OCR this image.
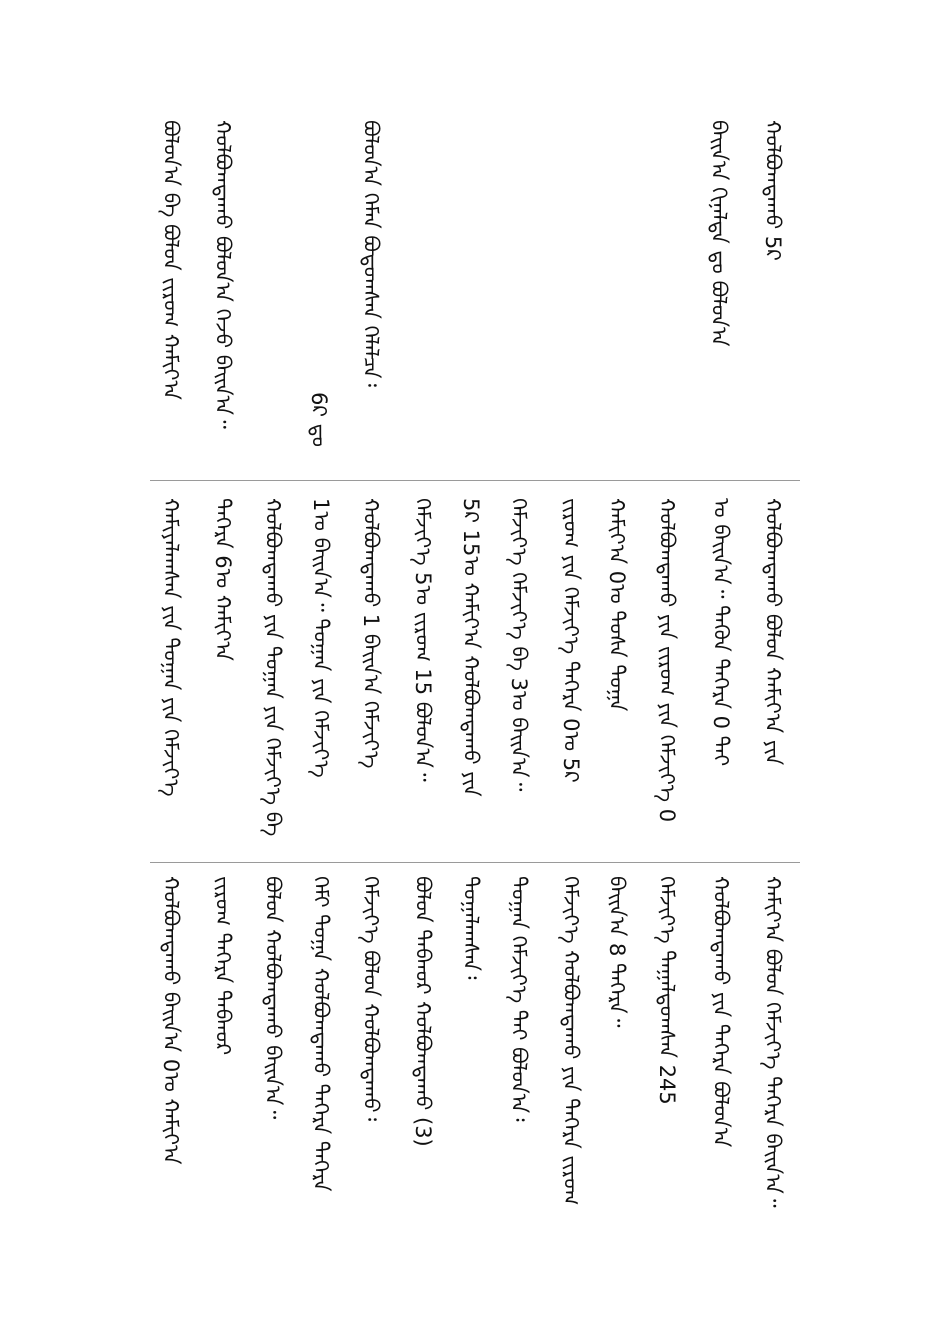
ᠬᠣᠯᠪᠣᠭᠳᠠᠬᠤ 5ᠺ
ᠪᠠᠢᠨ᠎ᠠ ᠬᠢᠨᠠᠯᠲᠠ ᠳᠤ ᠪᠣᠯᠤᠨ᠎ᠠ
ᠪᠣᠯᠤᠨ᠎ᠠ ᠬᠡᠮᠡᠨ ᠪᠣᠳᠤᠭᠰᠠᠨ ᠬᠡᠯᠡᠯᠴᠡ᠄
6ᠺ ᠳᠤ
ᠬᠣᠯᠪᠣᠭᠳᠠᠬᠤ ᠪᠣᠯᠤᠨ᠎ᠠ ᠭᠡᠵᠦ ᠪᠠᠢᠨ᠎ᠠ᠃
ᠪᠣᠯᠤᠨ᠎ᠠ ᠪᠠ ᠪᠣᠯᠣᠨ ᠵᠢᠷᠤᠭ ᠬᠠᠮᠢᠶ᠎ᠠ
ᠬᠣᠯᠪᠣᠭᠳᠠᠬᠤ ᠪᠣᠯᠤᠨ ᠬᠠᠮᠢᠶ᠎ᠠ ᠶᠢᠨ
ᠣ ᠪᠠᠢᠨ᠎ᠠ᠃ ᠲᠡᠭᠦᠨ ᠳᠡᠭᠡᠷᠡ 0 ᠲᠠᠢ
ᠬᠣᠯᠪᠣᠭᠳᠠᠬᠤ ᠶᠢᠨ ᠵᠢᠷᠤᠭ ᠶᠢᠨ ᠬᠡᠮᠵᠢᠶ᠎ᠡ 0
ᠬᠠᠮᠢᠶ᠎ᠠ 0ᠣ ᠲᠤᠰᠠ ᠲᠣᠭᠠ
ᠵᠢᠷᠤᠭ ᠶᠢᠨ ᠬᠡᠮᠵᠢᠶ᠎ᠡ ᠳᠡᠭᠡᠷᠡ 0ᠣ 5ᠺ
ᠬᠡᠮᠵᠢᠶ᠎ᠡ ᠬᠡᠮᠵᠢᠶ᠎ᠡ ᠪᠠ 3ᠣ ᠪᠠᠢᠨ᠎ᠠ᠃
5ᠺ 15ᠣ ᠬᠠᠮᠢᠶ᠎ᠠ ᠬᠣᠯᠪᠣᠭᠳᠠᠬᠤ ᠶᠢᠨ
ᠬᠡᠮᠵᠢᠶ᠎ᠡ 5ᠣ ᠵᠢᠷᠤᠭ 15 ᠪᠣᠯᠤᠨ᠎ᠠ᠃
ᠬᠣᠯᠪᠣᠭᠳᠠᠬᠤ 1 ᠪᠠᠢᠨ᠎ᠠ ᠬᠡᠮᠵᠢᠶ᠎ᠡ
1ᠣ ᠪᠠᠢᠨ᠎ᠠ᠃ ᠲᠣᠭᠠᠨ ᠶᠢᠨ ᠬᠡᠮᠵᠢᠶ᠎ᠡ
ᠬᠣᠯᠪᠣᠭᠳᠠᠬᠤ ᠶᠢᠨ ᠲᠣᠭᠠᠨ ᠶᠢᠨ ᠬᠡᠮᠵᠢᠶ᠎ᠡ ᠪᠠ
ᠳᠡᠭᠡᠷᠡ 6ᠣ ᠬᠠᠮᠢᠶ᠎ᠠ
ᠬᠠᠮᠢᠶᠠᠯᠠᠭᠰᠠᠨ ᠶᠢᠨ ᠲᠣᠭᠠᠨ ᠶᠢᠨ ᠬᠡᠮᠵᠢᠶ᠎ᠡ
ᠬᠠᠮᠢᠶ᠎ᠠ ᠪᠣᠯᠣᠨ ᠬᠡᠮᠵᠢᠶ᠎ᠡ ᠳᠡᠭᠡᠷᠡ ᠪᠠᠢᠨ᠎ᠠ᠃
ᠬᠣᠯᠪᠣᠭᠳᠠᠬᠤ ᠶᠢᠨ ᠳᠡᠭᠡᠷᠡ ᠪᠣᠯᠤᠨ᠎ᠠ
ᠬᠡᠮᠵᠢᠶ᠎ᠡ ᠳᠠᠭᠠᠯᠳᠤᠭᠰᠠᠨ 245
ᠪᠠᠢᠨ᠎ᠠ 8 ᠳᠡᠭᠡᠷᠡ᠃
ᠬᠡᠮᠵᠢᠶ᠎ᠡ ᠬᠣᠯᠪᠣᠭᠳᠠᠬᠤ ᠶᠢᠨ ᠳᠡᠭᠡᠷᠡ ᠵᠢᠷᠤᠭ
ᠲᠣᠭᠠᠨ ᠬᠡᠮᠵᠢᠶ᠎ᠡ ᠲᠠᠢ ᠪᠣᠯᠤᠨ᠎ᠠ᠄
ᠲᠣᠭᠠᠯᠠᠭᠰᠠᠨ᠄
ᠪᠣᠯᠤᠨ ᠳᠠᠪᠬᠤᠷ ᠬᠣᠯᠪᠣᠭᠳᠠᠬᠤ (3)
ᠬᠡᠮᠵᠢᠶ᠎ᠡ ᠪᠣᠯᠤᠨ ᠬᠣᠯᠪᠣᠭᠳᠠᠬᠤ᠄
ᠬᠡᠮᠢ ᠲᠣᠭᠠ ᠬᠣᠯᠪᠣᠭᠳᠠᠬᠤ ᠳᠡᠭᠡᠷᠡ ᠳᠡᠭᠡᠷᠡ
ᠪᠣᠯᠣᠨ ᠬᠣᠯᠪᠣᠭᠳᠠᠬᠤ ᠪᠠᠢᠨ᠎ᠠ᠃
ᠵᠢᠷᠤᠭ ᠳᠡᠭᠡᠷᠡ ᠳᠠᠪᠬᠤᠷ
ᠬᠣᠯᠪᠣᠭᠳᠠᠬᠤ ᠪᠠᠢᠨ᠎ᠠ 0ᠣ ᠬᠠᠮᠢᠶ᠎ᠠ
